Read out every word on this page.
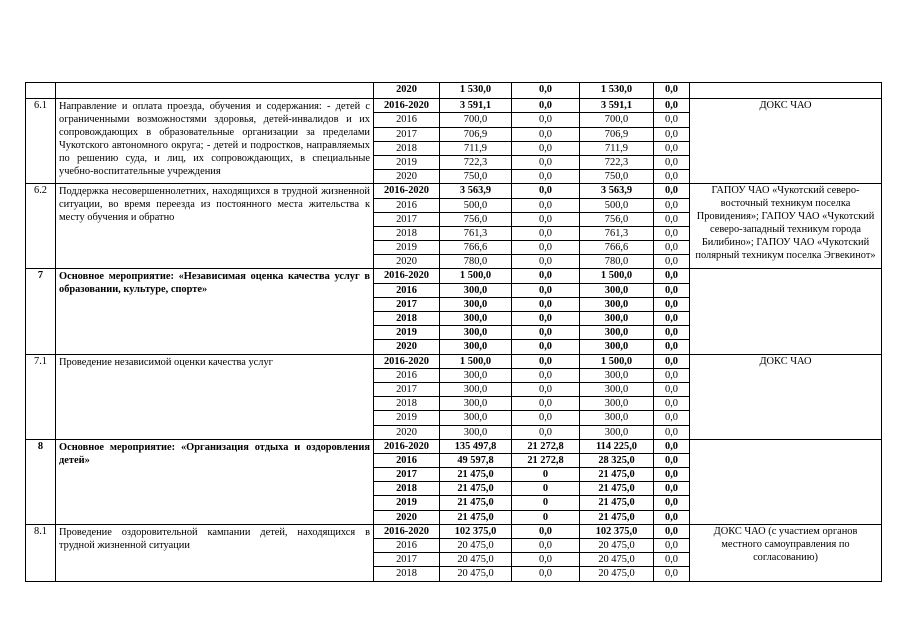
		2020	1 530,0	0,0	1 530,0	0,0	
6.1	Направление и оплата проезда, обучения и содержания: - детей с ограниченными возможностями здоровья, детей-инвалидов и их сопровождающих в образовательные организации за пределами Чукотского автономного округа; - детей и подростков, направляемых по решению суда, и лиц, их сопровождающих, в специальные учебно-воспитательные учреждения	2016-2020	3 591,1	0,0	3 591,1	0,0	ДОКС ЧАО
		2016	700,0	0,0	700,0	0,0	
		2017	706,9	0,0	706,9	0,0	
		2018	711,9	0,0	711,9	0,0	
		2019	722,3	0,0	722,3	0,0	
		2020	750,0	0,0	750,0	0,0	
6.2	Поддержка несовершеннолетних, находящихся в трудной жизненной ситуации, во время переезда из постоянного места жительства к месту обучения и обратно	2016-2020	3 563,9	0,0	3 563,9	0,0	ГАПОУ ЧАО «Чукотский северо-восточный техникум поселка Провидения»; ГАПОУ ЧАО «Чукотский северо-западный техникум города Билибино»; ГАПОУ ЧАО «Чукотский полярный техникум поселка Эгвекинот»
		2016	500,0	0,0	500,0	0,0	
		2017	756,0	0,0	756,0	0,0	
		2018	761,3	0,0	761,3	0,0	
		2019	766,6	0,0	766,6	0,0	
		2020	780,0	0,0	780,0	0,0	
7	Основное мероприятие: «Независимая оценка качества услуг в образовании, культуре, спорте»	2016-2020	1 500,0	0,0	1 500,0	0,0	
		2016	300,0	0,0	300,0	0,0	
		2017	300,0	0,0	300,0	0,0	
		2018	300,0	0,0	300,0	0,0	
		2019	300,0	0,0	300,0	0,0	
		2020	300,0	0,0	300,0	0,0	
7.1	Проведение независимой оценки качества услуг	2016-2020	1 500,0	0,0	1 500,0	0,0	ДОКС ЧАО
		2016	300,0	0,0	300,0	0,0	
		2017	300,0	0,0	300,0	0,0	
		2018	300,0	0,0	300,0	0,0	
		2019	300,0	0,0	300,0	0,0	
		2020	300,0	0,0	300,0	0,0	
8	Основное мероприятие: «Организация отдыха и оздоровления детей»	2016-2020	135 497,8	21 272,8	114 225,0	0,0	
		2016	49 597,8	21 272,8	28 325,0	0,0	
		2017	21 475,0	0	21 475,0	0,0	
		2018	21 475,0	0	21 475,0	0,0	
		2019	21 475,0	0	21 475,0	0,0	
		2020	21 475,0	0	21 475,0	0,0	
8.1	Проведение оздоровительной кампании детей, находящихся в трудной жизненной ситуации	2016-2020	102 375,0	0,0	102 375,0	0,0	ДОКС ЧАО (с участием органов местного самоуправления по согласованию)
		2016	20 475,0	0,0	20 475,0	0,0	
		2017	20 475,0	0,0	20 475,0	0,0	
		2018	20 475,0	0,0	20 475,0	0,0	
